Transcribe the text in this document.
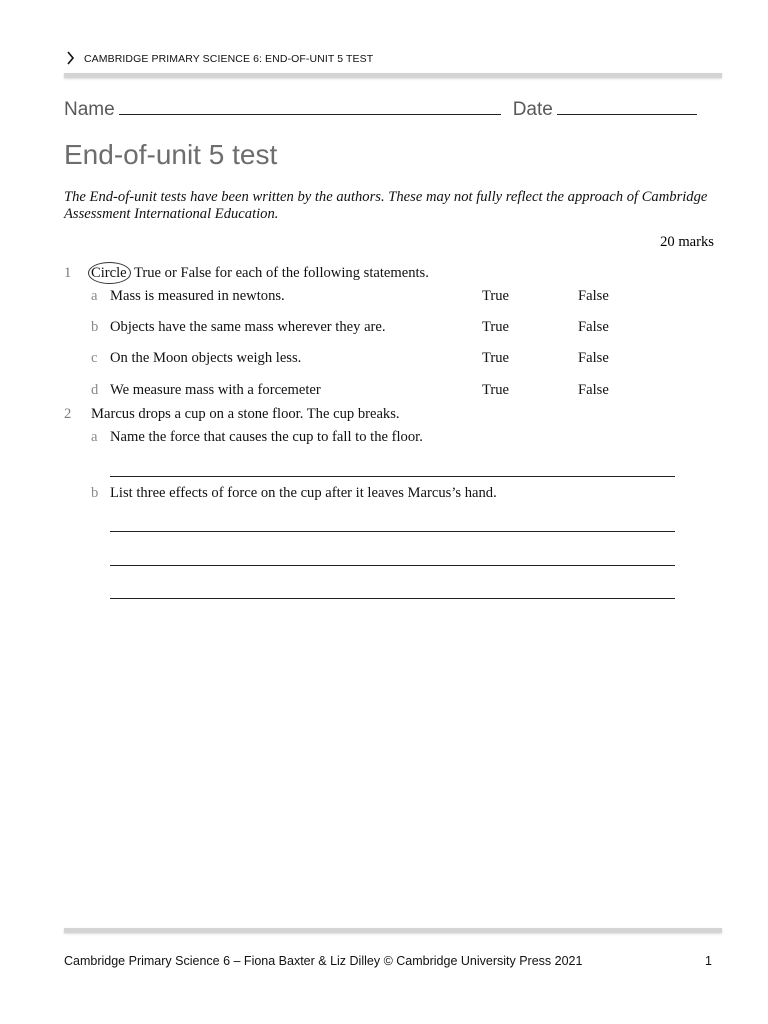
CAMBRIDGE PRIMARY SCIENCE 6: END-OF-UNIT 5 TEST
Name	Date
End-of-unit 5 test
The End-of-unit tests have been written by the authors. These may not fully reflect the approach of Cambridge Assessment International Education.
20 marks
1 Circle True or False for each of the following statements.
a Mass is measured in newtons.	True	False
b Objects have the same mass wherever they are.	True	False
c On the Moon objects weigh less.	True	False
d We measure mass with a forcemeter	True	False
2 Marcus drops a cup on a stone floor. The cup breaks.
a Name the force that causes the cup to fall to the floor.
b List three effects of force on the cup after it leaves Marcus’s hand.
Cambridge Primary Science 6 – Fiona Baxter & Liz Dilley © Cambridge University Press 2021	1
